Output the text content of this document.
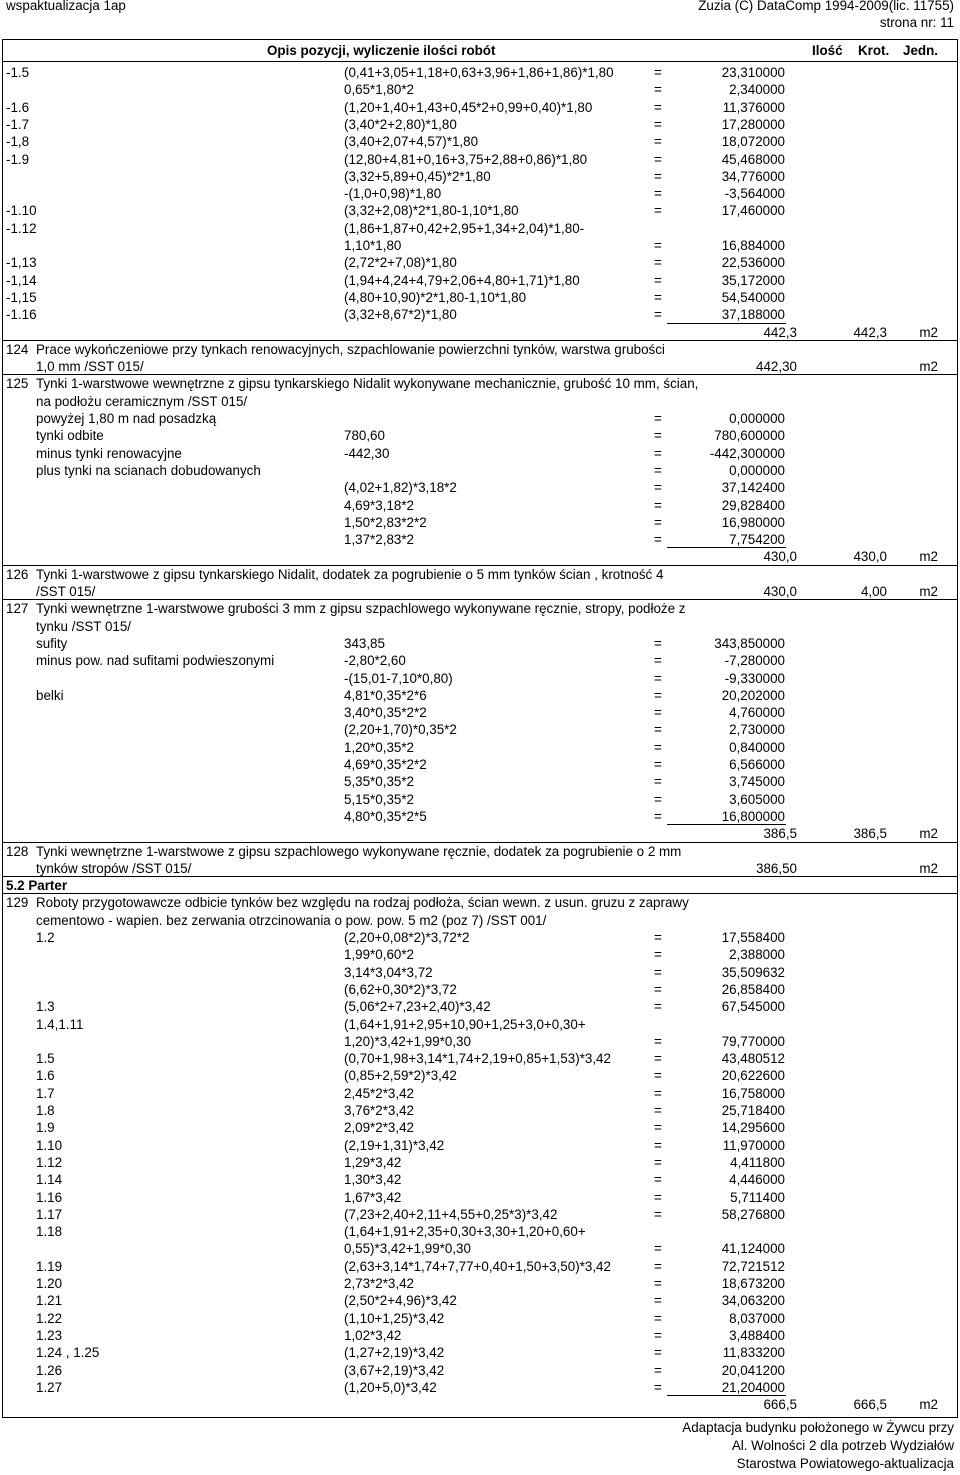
wspaktualizacja 1ap	Zuzia (C) DataComp 1994-2009(lic. 11755)
strona nr: 11
Opis pozycji, wyliczenie ilości robót	Ilość Krot. Jedn.
-1.5	(0,41+3,05+1,18+0,63+3,96+1,86+1,86)*1,80	=	23,310000
0,65*1,80*2	=	2,340000
-1.6	(1,20+1,40+1,43+0,45*2+0,99+0,40)*1,80	=	11,376000
-1.7	(3,40*2+2,80)*1,80	=	17,280000
-1,8	(3,40+2,07+4,57)*1,80	=	18,072000
-1.9	(12,80+4,81+0,16+3,75+2,88+0,86)*1,80	=	45,468000
(3,32+5,89+0,45)*2*1,80	=	34,776000
-(1,0+0,98)*1,80	=	-3,564000
-1.10	(3,32+2,08)*2*1,80-1,10*1,80	=	17,460000
-1.12	(1,86+1,87+0,42+2,95+1,34+2,04)*1,80-
1,10*1,80	=	16,884000
-1,13	(2,72*2+7,08)*1,80	=	22,536000
-1,14	(1,94+4,24+4,79+2,06+4,80+1,71)*1,80	=	35,172000
-1,15	(4,80+10,90)*2*1,80-1,10*1,80	=	54,540000
-1.16	(3,32+8,67*2)*1,80	=	37,188000
442,3	442,3 m2
124 Prace wykończeniowe przy tynkach renowacyjnych, szpachlowanie powierzchni tynków, warstwa grubości
1,0 mm /SST 015/	442,30	m2
125 Tynki 1-warstwowe wewnętrzne z gipsu tynkarskiego Nidalit wykonywane mechanicznie, grubość 10 mm, ścian,
na podłożu ceramicznym /SST 015/
powyżej 1,80 m nad posadzką	=	0,000000
tynki odbite	780,60	=	780,600000
minus tynki renowacyjne	-442,30	=	-442,300000
plus tynki na scianach dobudowanych	=	0,000000
(4,02+1,82)*3,18*2	=	37,142400
4,69*3,18*2	=	29,828400
1,50*2,83*2*2	=	16,980000
1,37*2,83*2	=	7,754200
430,0	430,0 m2
126 Tynki 1-warstwowe z gipsu tynkarskiego Nidalit, dodatek za pogrubienie o 5 mm tynków ścian , krotność 4
/SST 015/	430,0	4,00 m2
127 Tynki wewnętrzne 1-warstwowe grubości 3 mm z gipsu szpachlowego wykonywane ręcznie, stropy, podłoże z
tynku /SST 015/
sufity	343,85	=	343,850000
minus pow. nad sufitami podwieszonymi	-2,80*2,60	=	-7,280000
-(15,01-7,10*0,80)	=	-9,330000
belki	4,81*0,35*2*6	=	20,202000
3,40*0,35*2*2	=	4,760000
(2,20+1,70)*0,35*2	=	2,730000
1,20*0,35*2	=	0,840000
4,69*0,35*2*2	=	6,566000
5,35*0,35*2	=	3,745000
5,15*0,35*2	=	3,605000
4,80*0,35*2*5	=	16,800000
386,5	386,5 m2
128 Tynki wewnętrzne 1-warstwowe z gipsu szpachlowego wykonywane ręcznie, dodatek za pogrubienie o 2 mm
tynków stropów /SST 015/	386,50	m2
5.2 Parter
129 Roboty przygotowawcze odbicie tynków bez względu na rodzaj podłoża, ścian wewn. z usun. gruzu z zaprawy
cementowo - wapien. bez zerwania otrzcinowania o pow. pow. 5 m2 (poz 7) /SST 001/
1.2	(2,20+0,08*2)*3,72*2	=	17,558400
1,99*0,60*2	=	2,388000
3,14*3,04*3,72	=	35,509632
(6,62+0,30*2)*3,72	=	26,858400
1.3	(5,06*2+7,23+2,40)*3,42	=	67,545000
1.4,1.11	(1,64+1,91+2,95+10,90+1,25+3,0+0,30+
1,20)*3,42+1,99*0,30	=	79,770000
1.5	(0,70+1,98+3,14*1,74+2,19+0,85+1,53)*3,42	=	43,480512
1.6	(0,85+2,59*2)*3,42	=	20,622600
1.7	2,45*2*3,42	=	16,758000
1.8	3,76*2*3,42	=	25,718400
1.9	2,09*2*3,42	=	14,295600
1.10	(2,19+1,31)*3,42	=	11,970000
1.12	1,29*3,42	=	4,411800
1.14	1,30*3,42	=	4,446000
1.16	1,67*3,42	=	5,711400
1.17	(7,23+2,40+2,11+4,55+0,25*3)*3,42	=	58,276800
1.18	(1,64+1,91+2,35+0,30+3,30+1,20+0,60+
0,55)*3,42+1,99*0,30	=	41,124000
1.19	(2,63+3,14*1,74+7,77+0,40+1,50+3,50)*3,42	=	72,721512
1.20	2,73*2*3,42	=	18,673200
1.21	(2,50*2+4,96)*3,42	=	34,063200
1.22	(1,10+1,25)*3,42	=	8,037000
1.23	1,02*3,42	=	3,488400
1.24 , 1.25	(1,27+2,19)*3,42	=	11,833200
1.26	(3,67+2,19)*3,42	=	20,041200
1.27	(1,20+5,0)*3,42	=	21,204000
666,5	666,5 m2
Adaptacja budynku położonego w Żywcu przy
Al. Wolności 2 dla potrzeb Wydziałów
Starostwa Powiatowego-aktualizacja
